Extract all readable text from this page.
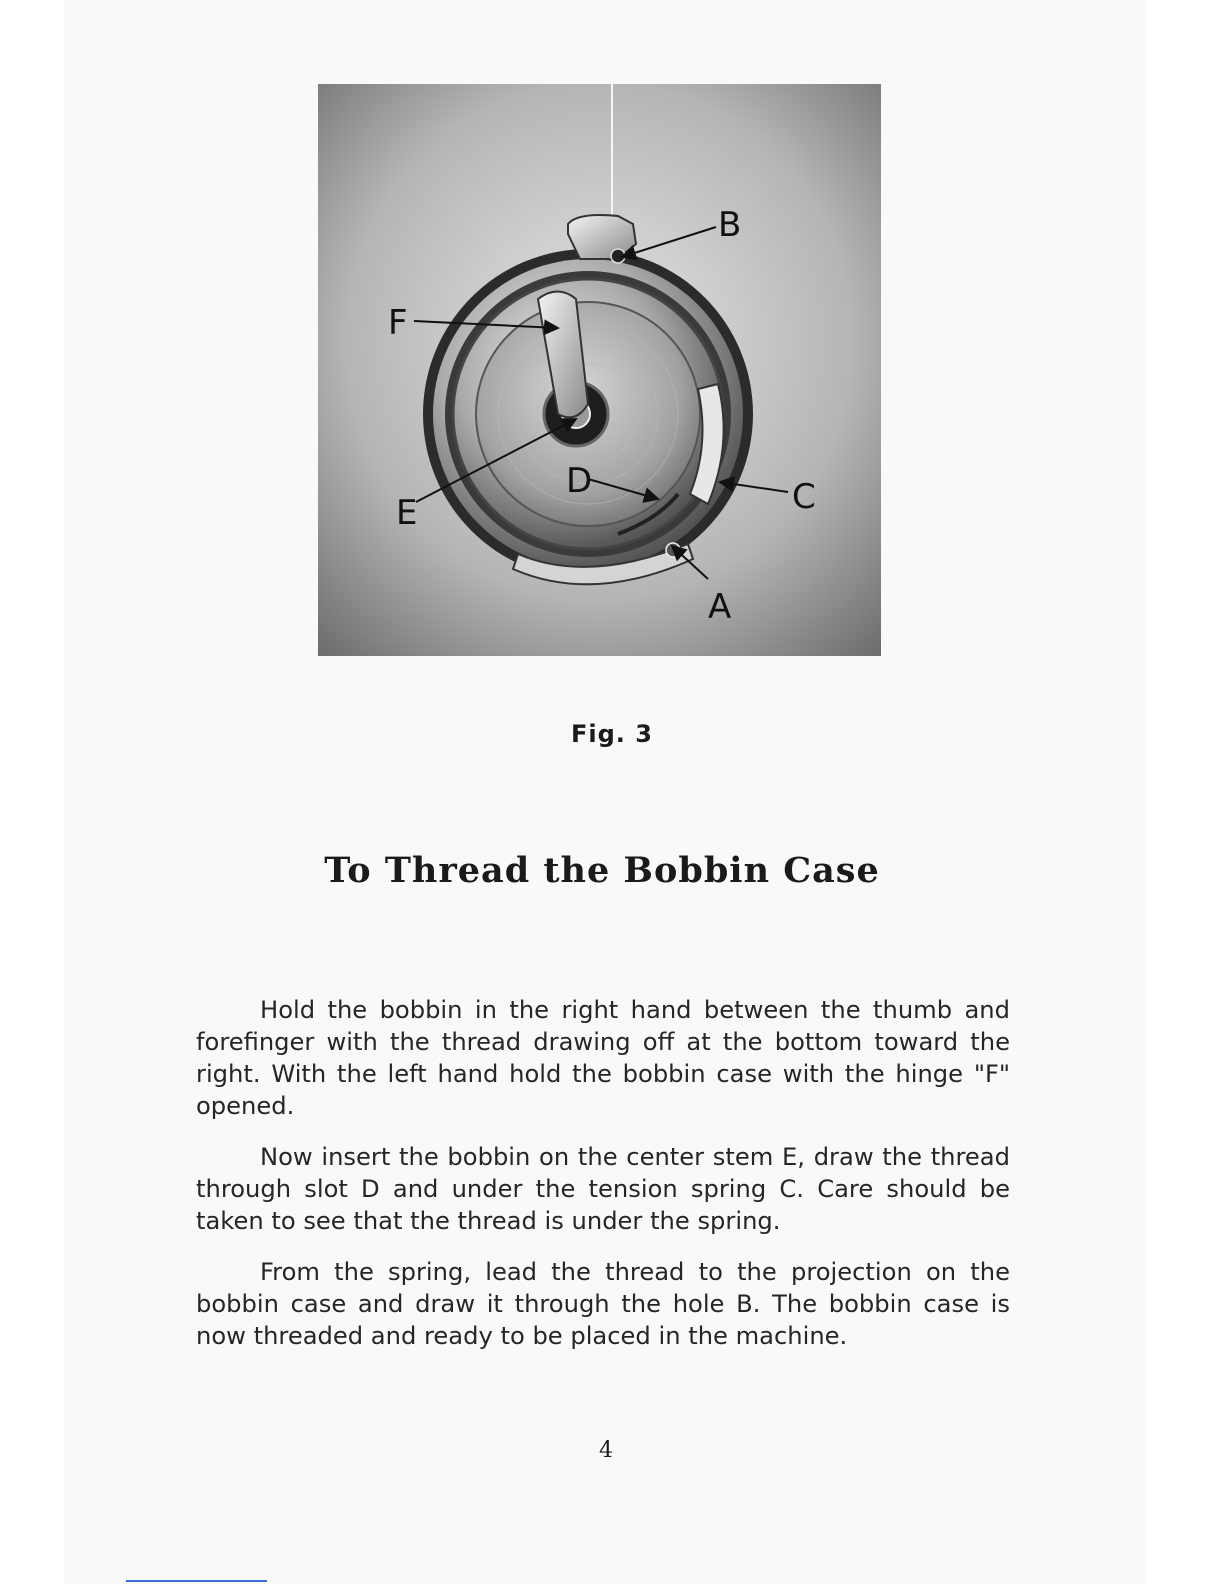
B
F
E
D	C
A
Fig. 3
To Thread the Bobbin Case

Hold the bobbin in the right hand between the thumb and forefinger with the thread drawing off at the bottom toward the right. With the left hand hold the bobbin case with the hinge "F" opened.

Now insert the bobbin on the center stem E, draw the thread through slot D and under the tension spring C. Care should be taken to see that the thread is under the spring.

From the spring, lead the thread to the projection on the bobbin case and draw it through the hole B. The bobbin case is now threaded and ready to be placed in the machine.

4
